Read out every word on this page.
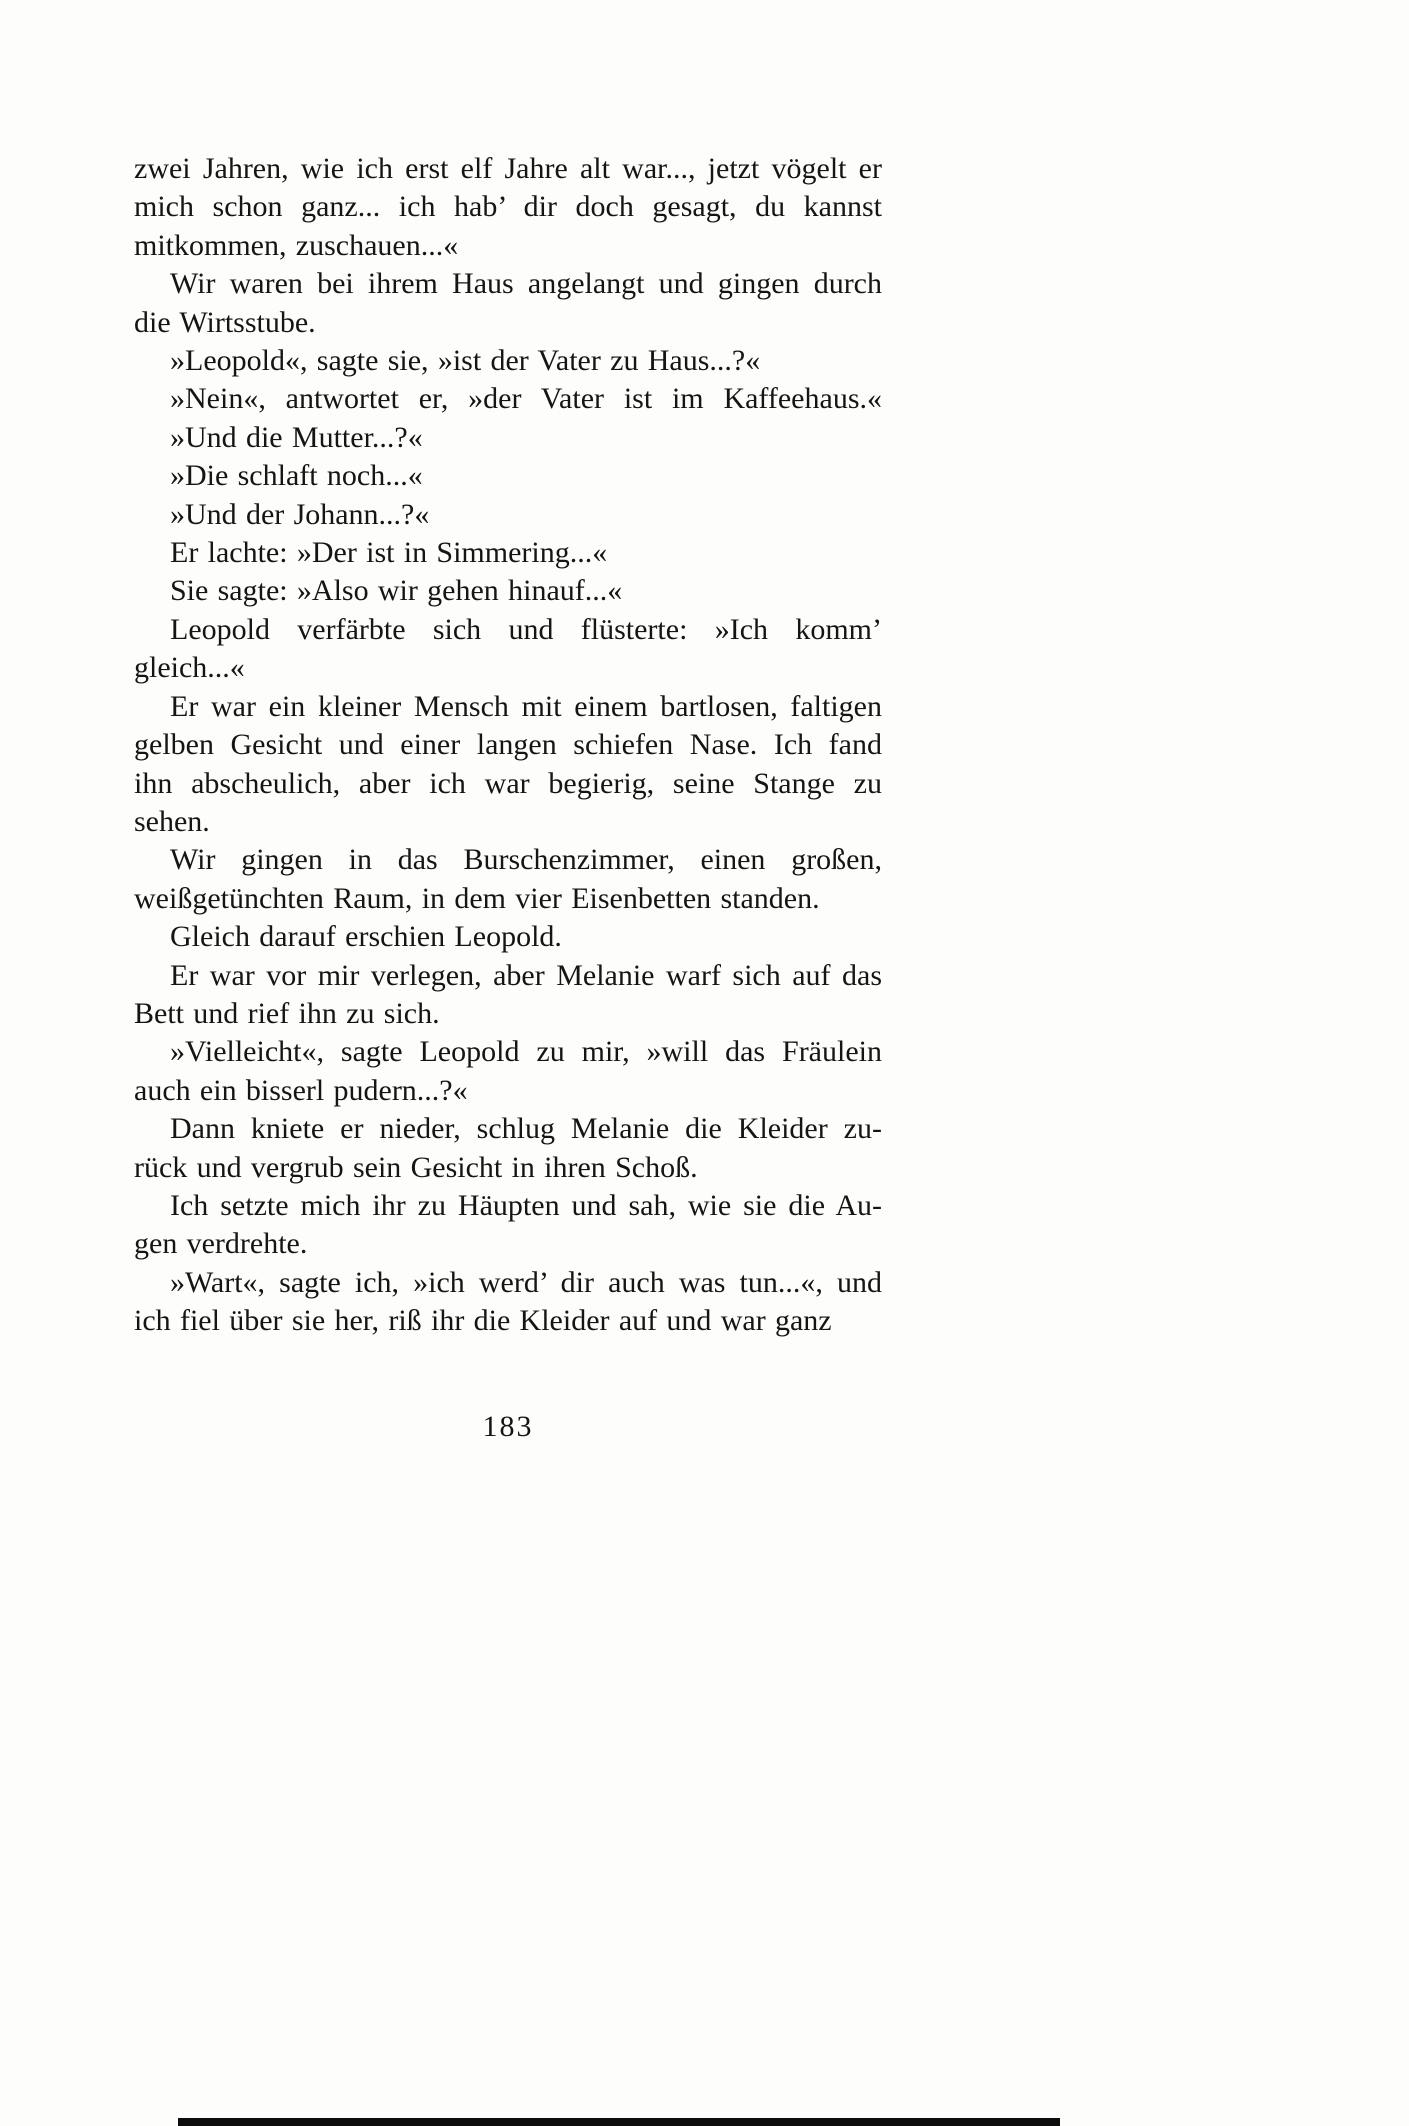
zwei Jahren, wie ich erst elf Jahre alt war..., jetzt vögelt er
mich schon ganz... ich hab’ dir doch gesagt, du kannst
mitkommen, zuschauen...«
Wir waren bei ihrem Haus angelangt und gingen durch
die Wirtsstube.
»Leopold«, sagte sie, »ist der Vater zu Haus...?«
»Nein«, antwortet er, »der Vater ist im Kaffeehaus.«
»Und die Mutter...?«
»Die schlaft noch...«
»Und der Johann...?«
Er lachte: »Der ist in Simmering...«
Sie sagte: »Also wir gehen hinauf...«
Leopold verfärbte sich und flüsterte: »Ich komm’
gleich...«
Er war ein kleiner Mensch mit einem bartlosen, faltigen
gelben Gesicht und einer langen schiefen Nase. Ich fand
ihn abscheulich, aber ich war begierig, seine Stange zu
sehen.
Wir gingen in das Burschenzimmer, einen großen,
weißgetünchten Raum, in dem vier Eisenbetten standen.
Gleich darauf erschien Leopold.
Er war vor mir verlegen, aber Melanie warf sich auf das
Bett und rief ihn zu sich.
»Vielleicht«, sagte Leopold zu mir, »will das Fräulein
auch ein bisserl pudern...?«
Dann kniete er nieder, schlug Melanie die Kleider zu-
rück und vergrub sein Gesicht in ihren Schoß.
Ich setzte mich ihr zu Häupten und sah, wie sie die Au-
gen verdrehte.
»Wart«, sagte ich, »ich werd’ dir auch was tun...«, und
ich fiel über sie her, riß ihr die Kleider auf und war ganz
183
